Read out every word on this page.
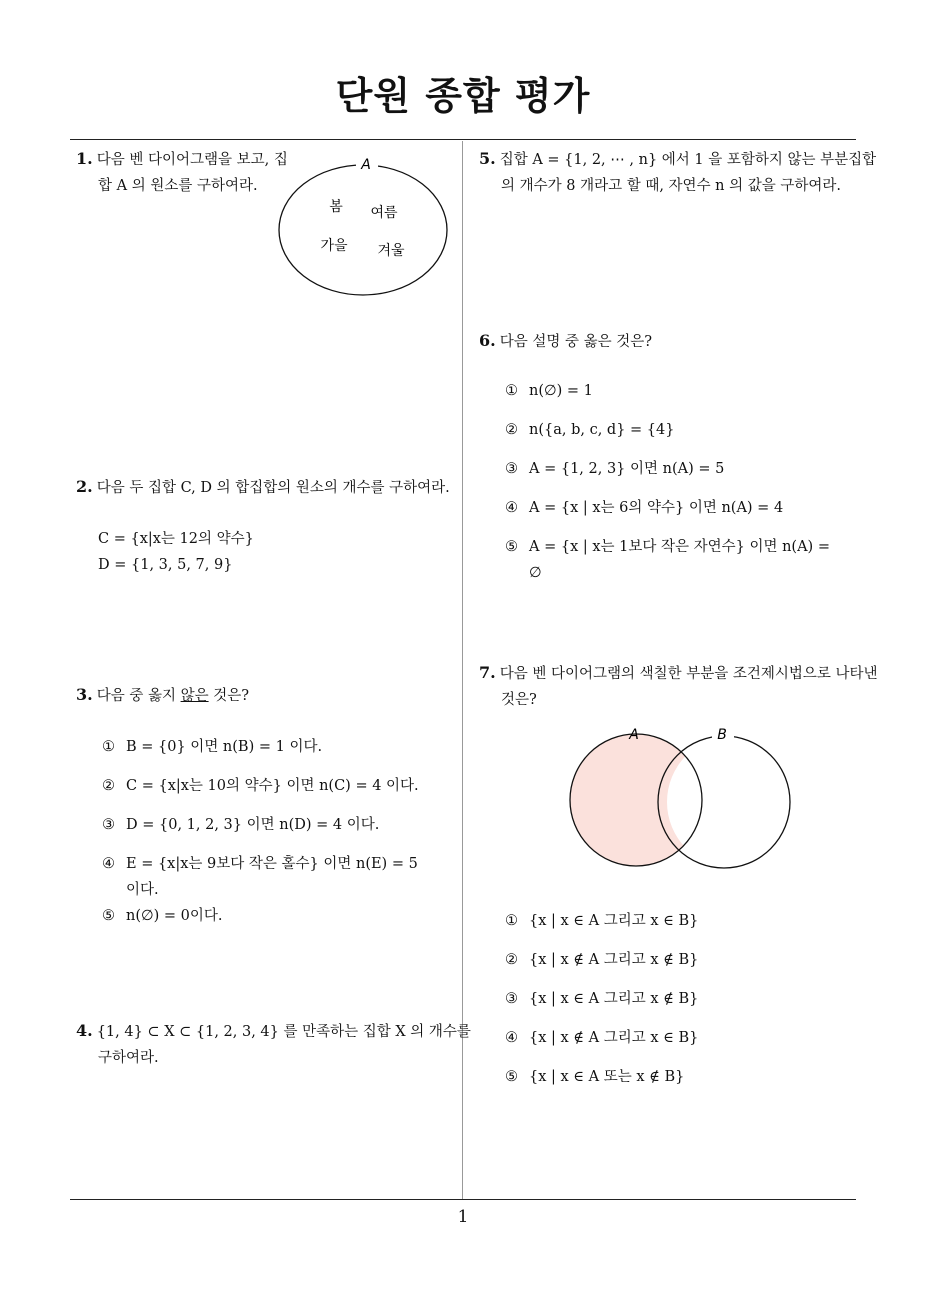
단원 종합 평가
1. 다음 벤 다이어그램을 보고, 집합 A 의 원소를 구하여라.
A
봄 여름
가을 겨울
2. 다음 두 집합 C, D 의 합집합의 원소의 개수를 구하여라.
C = {x|x는 12의 약수}
D = {1, 3, 5, 7, 9}
3. 다음 중 옳지 않은 것은?
① B = {0} 이면 n(B) = 1 이다.
② C = {x|x는 10의 약수} 이면 n(C) = 4 이다.
③ D = {0, 1, 2, 3} 이면 n(D) = 4 이다.
④ E = {x|x는 9보다 작은 홀수} 이면 n(E) = 5
이다.
⑤ n(∅) = 0이다.
4. {1, 4} ⊂ X ⊂ {1, 2, 3, 4} 를 만족하는 집합 X 의 개수를 구하여라.
5. 집합 A = {1, 2, ⋯ , n} 에서 1 을 포함하지 않는 부분집합의 개수가 8 개라고 할 때, 자연수 n 의 값을 구하여라.
6. 다음 설명 중 옳은 것은?
① n(∅) = 1
② n({a, b, c, d} = {4}
③ A = {1, 2, 3} 이면 n(A) = 5
④ A = {x | x는 6의 약수} 이면 n(A) = 4
⑤ A = {x | x는 1보다 작은 자연수} 이면 n(A) =
∅
7. 다음 벤 다이어그램의 색칠한 부분을 조건제시법으로 나타낸 것은?
A	B
① {x | x ∈ A 그리고 x ∈ B}
② {x | x ∉ A 그리고 x ∉ B}
③ {x | x ∈ A 그리고 x ∉ B}
④ {x | x ∉ A 그리고 x ∈ B}
⑤ {x | x ∈ A 또는 x ∉ B}
1
